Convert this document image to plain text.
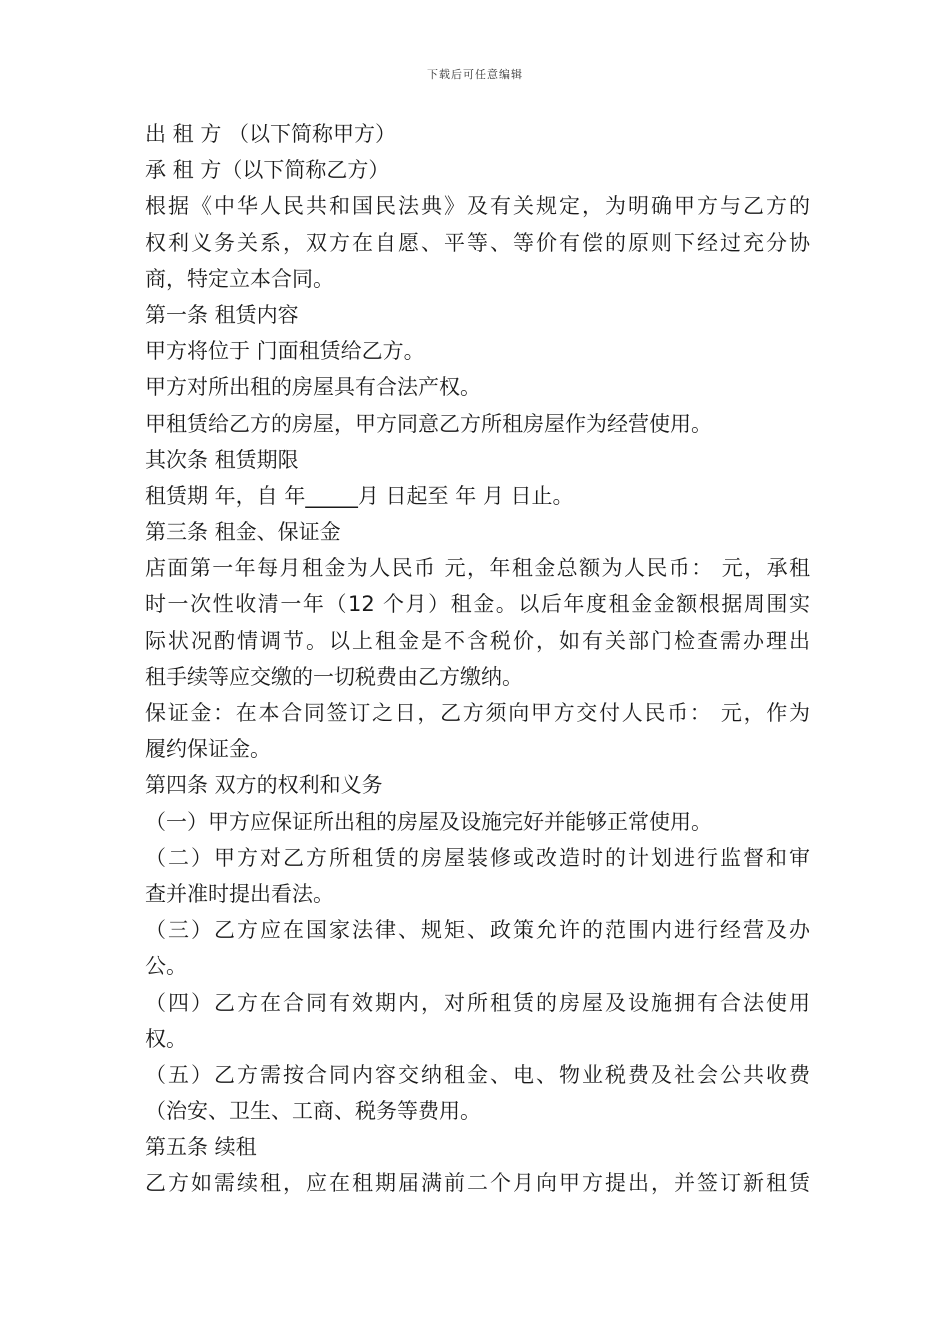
下载后可任意编辑
出 租 方 （以下简称甲方）
承 租 方（以下简称乙方）
根据《中华人民共和国民法典》及有关规定，为明确甲方与乙方的
权利义务关系，双方在自愿、平等、等价有偿的原则下经过充分协
商，特定立本合同。
第一条 租赁内容
甲方将位于 门面租赁给乙方。
甲方对所出租的房屋具有合法产权。
甲租赁给乙方的房屋，甲方同意乙方所租房屋作为经营使用。
其次条 租赁期限
租赁期 年，自 年_____月 日起至 年 月 日止。
第三条 租金、保证金
店面第一年每月租金为人民币 元，年租金总额为人民币： 元，承租
时一次性收清一年（12 个月）租金。以后年度租金金额根据周围实
际状况酌情调节。以上租金是不含税价，如有关部门检查需办理出
租手续等应交缴的一切税费由乙方缴纳。
保证金：在本合同签订之日，乙方须向甲方交付人民币： 元，作为
履约保证金。
第四条 双方的权利和义务
（一）甲方应保证所出租的房屋及设施完好并能够正常使用。
（二）甲方对乙方所租赁的房屋装修或改造时的计划进行监督和审
查并准时提出看法。
（三）乙方应在国家法律、规矩、政策允许的范围内进行经营及办
公。
（四）乙方在合同有效期内，对所租赁的房屋及设施拥有合法使用
权。
（五）乙方需按合同内容交纳租金、电、物业税费及社会公共收费
（治安、卫生、工商、税务等费用。
第五条 续租
乙方如需续租，应在租期届满前二个月向甲方提出，并签订新租赁
